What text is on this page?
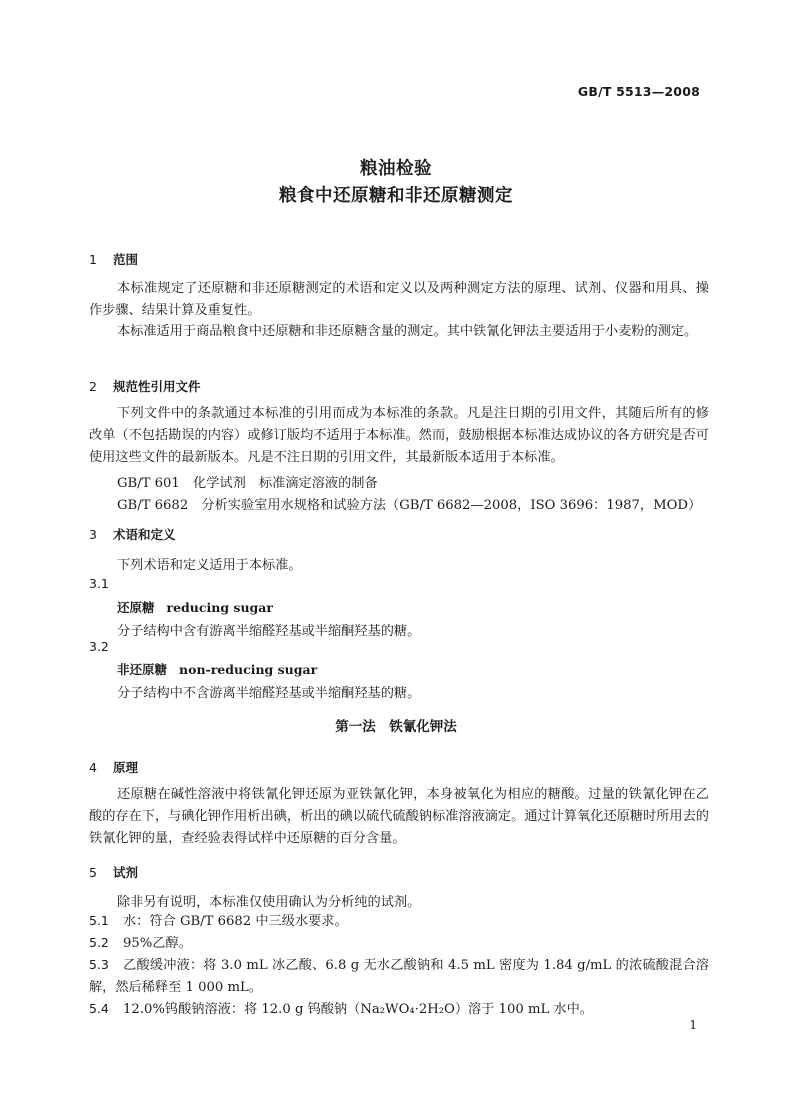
GB/T 5513—2008
粮油检验
粮食中还原糖和非还原糖测定
1 范围
本标准规定了还原糖和非还原糖测定的术语和定义以及两种测定方法的原理、试剂、仪器和用具、操作步骤、结果计算及重复性。
本标准适用于商品粮食中还原糖和非还原糖含量的测定。其中铁氰化钾法主要适用于小麦粉的测定。
2 规范性引用文件
下列文件中的条款通过本标准的引用而成为本标准的条款。凡是注日期的引用文件，其随后所有的修改单（不包括勘误的内容）或修订版均不适用于本标准。然而，鼓励根据本标准达成协议的各方研究是否可使用这些文件的最新版本。凡是不注日期的引用文件，其最新版本适用于本标准。
GB/T 601　化学试剂　标准滴定溶液的制备
GB/T 6682　分析实验室用水规格和试验方法（GB/T 6682—2008，ISO 3696：1987，MOD）
3 术语和定义
下列术语和定义适用于本标准。
3.1
还原糖 reducing sugar
分子结构中含有游离半缩醛羟基或半缩酮羟基的糖。
3.2
非还原糖 non-reducing sugar
分子结构中不含游离半缩醛羟基或半缩酮羟基的糖。
第一法　铁氰化钾法
4 原理
还原糖在碱性溶液中将铁氰化钾还原为亚铁氰化钾，本身被氧化为相应的糖酸。过量的铁氰化钾在乙酸的存在下，与碘化钾作用析出碘，析出的碘以硫代硫酸钠标准溶液滴定。通过计算氧化还原糖时所用去的铁氰化钾的量，查经验表得试样中还原糖的百分含量。
5 试剂
除非另有说明，本标准仅使用确认为分析纯的试剂。
5.1 水：符合 GB/T 6682 中三级水要求。
5.2 95%乙醇。
5.3 乙酸缓冲液：将 3.0 mL 冰乙酸、6.8 g 无水乙酸钠和 4.5 mL 密度为 1.84 g/mL 的浓硫酸混合溶解，然后稀释至 1 000 mL。
5.4 12.0%钨酸钠溶液：将 12.0 g 钨酸钠（Na₂WO₄·2H₂O）溶于 100 mL 水中。
1
